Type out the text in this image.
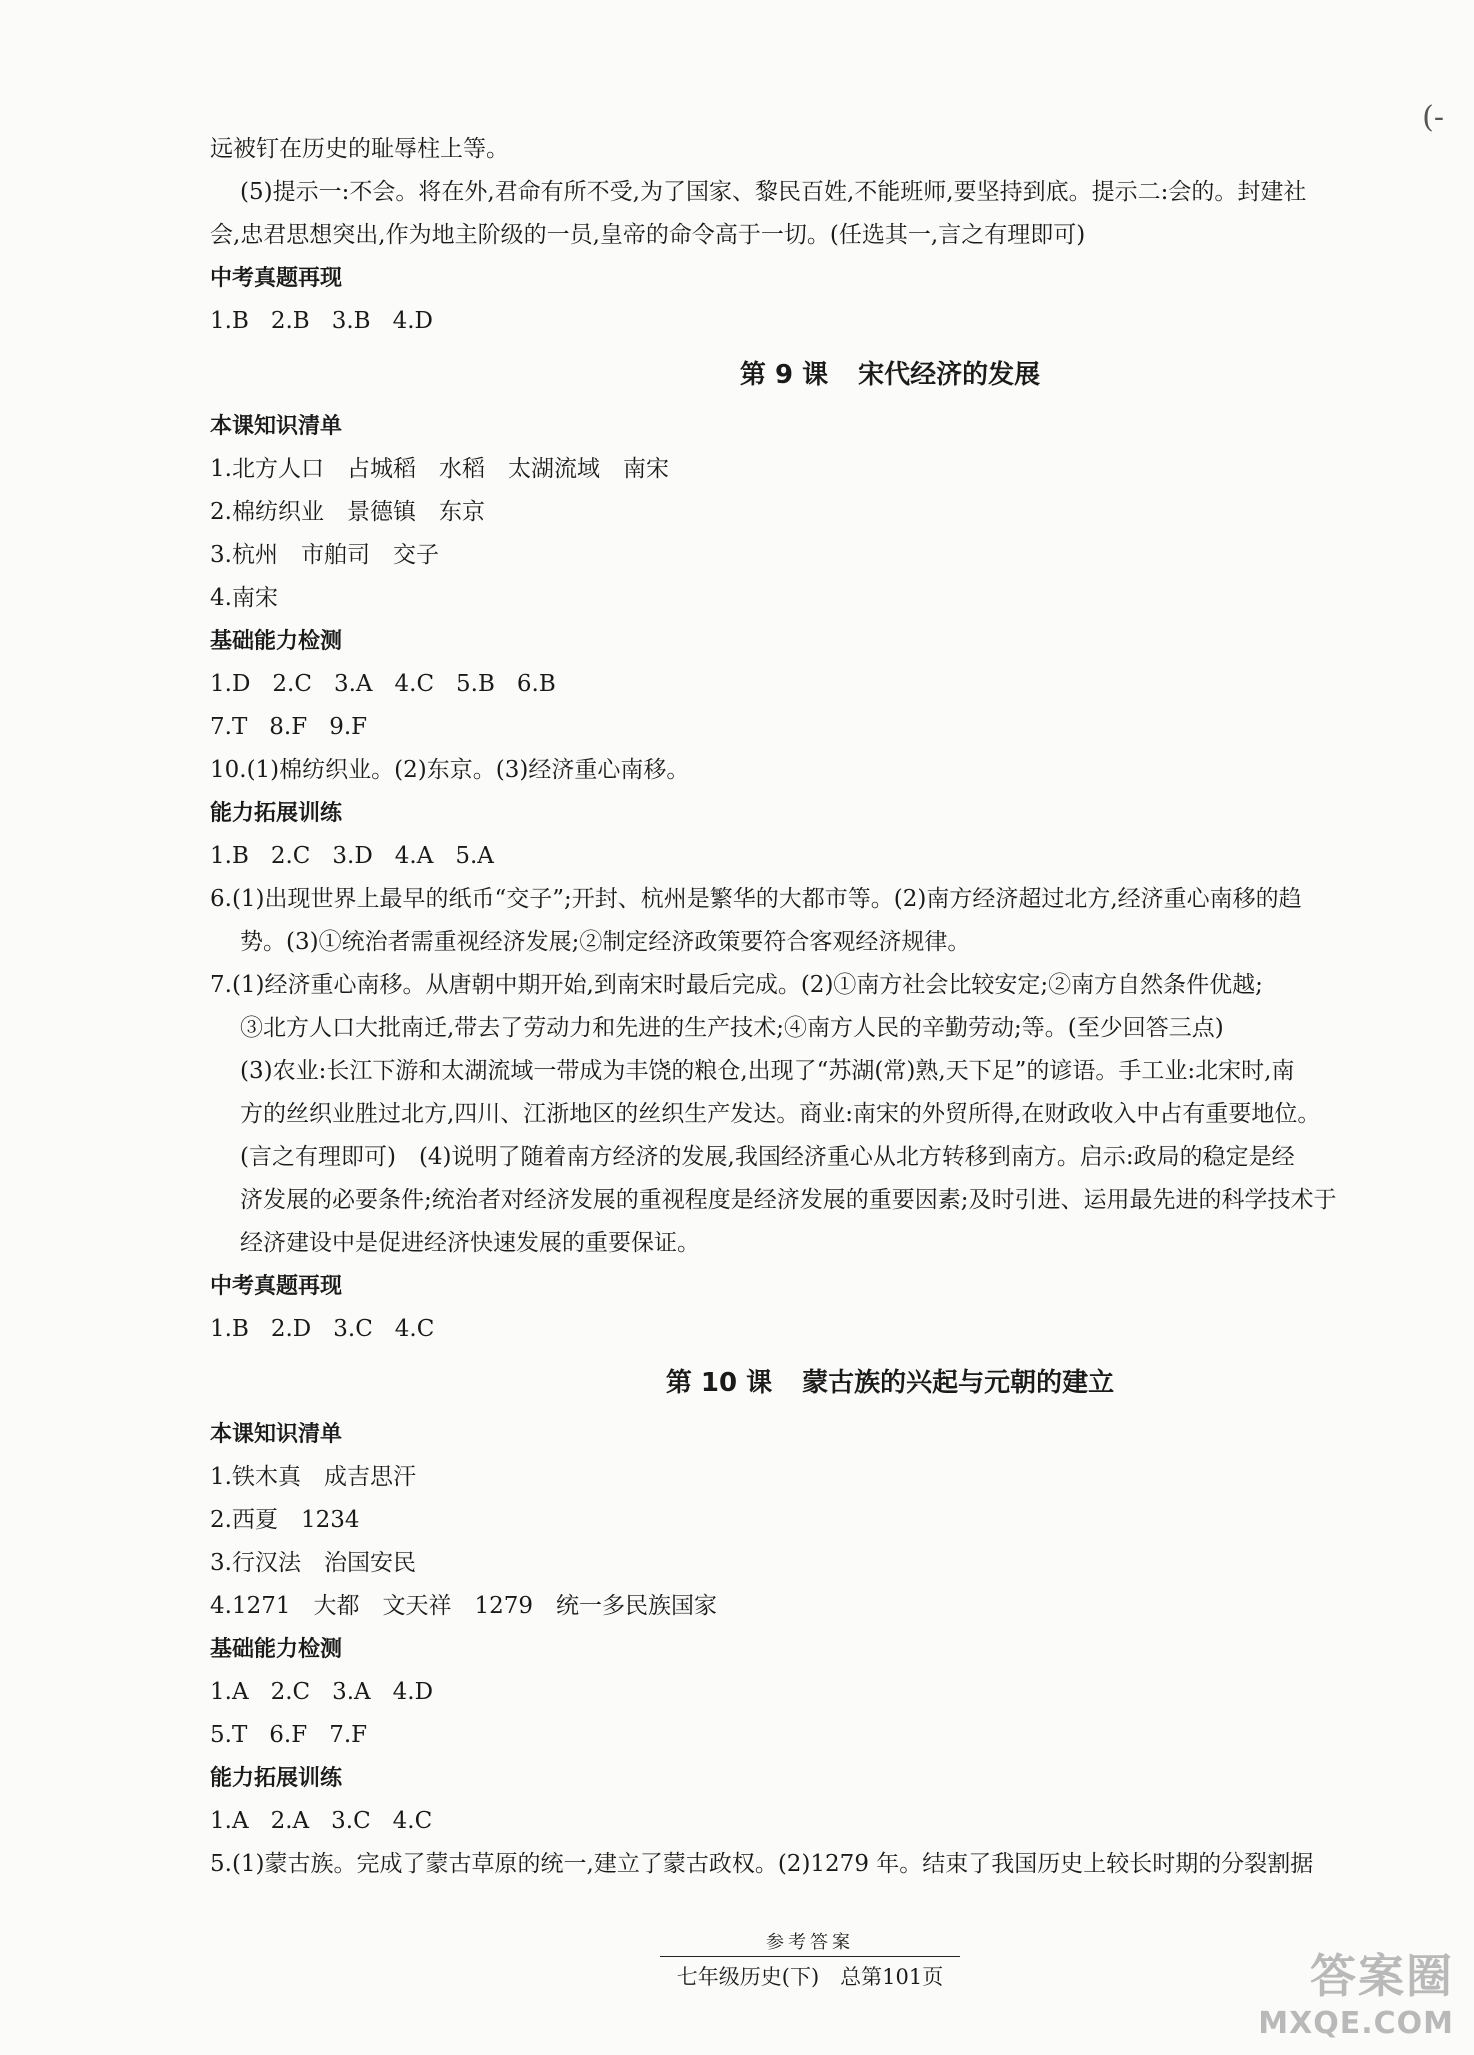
(-
远被钉在历史的耻辱柱上等。
(5)提示一:不会。将在外,君命有所不受,为了国家、黎民百姓,不能班师,要坚持到底。提示二:会的。封建社
会,忠君思想突出,作为地主阶级的一员,皇帝的命令高于一切。(任选其一,言之有理即可)
中考真题再现
1.B 2.B 3.B 4.D
第 9 课 宋代经济的发展
本课知识清单
1.北方人口　占城稻　水稻　太湖流域　南宋
2.棉纺织业　景德镇　东京
3.杭州　市舶司　交子
4.南宋
基础能力检测
1.D 2.C 3.A 4.C 5.B 6.B
7.T 8.F 9.F
10.(1)棉纺织业。(2)东京。(3)经济重心南移。
能力拓展训练
1.B 2.C 3.D 4.A 5.A
6.(1)出现世界上最早的纸币“交子”;开封、杭州是繁华的大都市等。(2)南方经济超过北方,经济重心南移的趋
势。(3)①统治者需重视经济发展;②制定经济政策要符合客观经济规律。
7.(1)经济重心南移。从唐朝中期开始,到南宋时最后完成。(2)①南方社会比较安定;②南方自然条件优越;
③北方人口大批南迁,带去了劳动力和先进的生产技术;④南方人民的辛勤劳动;等。(至少回答三点)
(3)农业:长江下游和太湖流域一带成为丰饶的粮仓,出现了“苏湖(常)熟,天下足”的谚语。手工业:北宋时,南
方的丝织业胜过北方,四川、江浙地区的丝织生产发达。商业:南宋的外贸所得,在财政收入中占有重要地位。
(言之有理即可)　(4)说明了随着南方经济的发展,我国经济重心从北方转移到南方。启示:政局的稳定是经
济发展的必要条件;统治者对经济发展的重视程度是经济发展的重要因素;及时引进、运用最先进的科学技术于
经济建设中是促进经济快速发展的重要保证。
中考真题再现
1.B 2.D 3.C 4.C
第 10 课 蒙古族的兴起与元朝的建立
本课知识清单
1.铁木真　成吉思汗
2.西夏　1234
3.行汉法　治国安民
4.1271　大都　文天祥　1279　统一多民族国家
基础能力检测
1.A 2.C 3.A 4.D
5.T 6.F 7.F
能力拓展训练
1.A 2.A 3.C 4.C
5.(1)蒙古族。完成了蒙古草原的统一,建立了蒙古政权。(2)1279 年。结束了我国历史上较长时期的分裂割据
参考答案
七年级历史(下)　总第101页	答案圈
MXQE.COM
